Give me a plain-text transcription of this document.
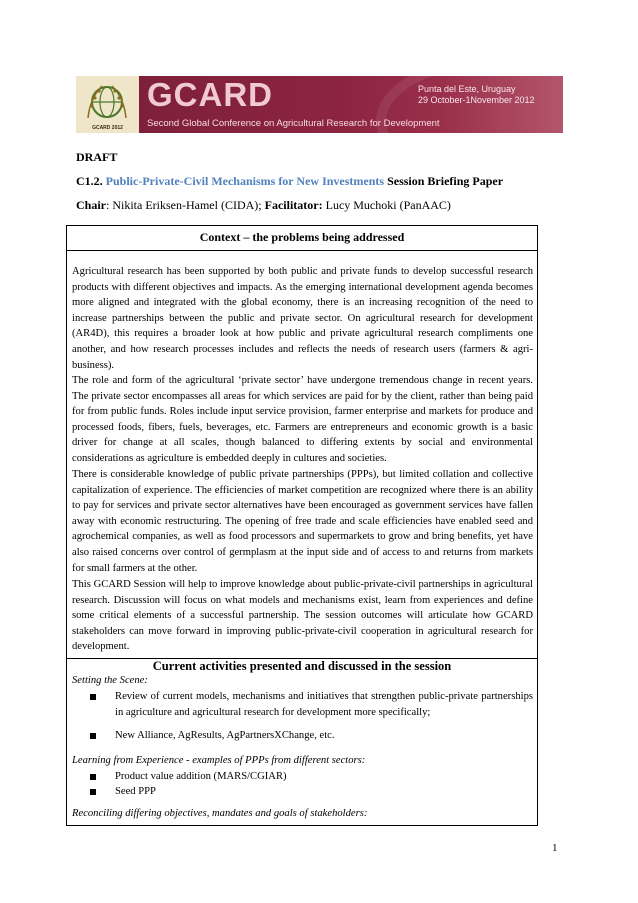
GCARD 2012
GCARD
Second Global Conference on Agricultural Research for Development
Punta del Este, Uruguay
29 October-1November 2012
DRAFT
C1.2. Public-Private-Civil Mechanisms for New Investments Session Briefing Paper
Chair: Nikita Eriksen-Hamel (CIDA); Facilitator: Lucy Muchoki (PanAAC)
Context – the problems being addressed
Agricultural research has been supported by both public and private funds to develop successful research products with different objectives and impacts. As the emerging international development agenda becomes more aligned and integrated with the global economy, there is an increasing recognition of the need to increase partnerships between the public and private sector. On agricultural research for development (AR4D), this requires a broader look at how public and private agricultural research compliments one another, and how research processes includes and reflects the needs of research users (farmers & agri-business).
The role and form of the agricultural ‘private sector’ have undergone tremendous change in recent years. The private sector encompasses all areas for which services are paid for by the client, rather than being paid for from public funds. Roles include input service provision, farmer enterprise and markets for produce and processed foods, fibers, fuels, beverages, etc. Farmers are entrepreneurs and economic growth is a basic driver for change at all scales, though balanced to differing extents by social and environmental considerations as agriculture is embedded deeply in cultures and societies.
There is considerable knowledge of public private partnerships (PPPs), but limited collation and collective capitalization of experience. The efficiencies of market competition are recognized where there is an ability to pay for services and private sector alternatives have been encouraged as government services have fallen away with economic restructuring. The opening of free trade and scale efficiencies have enabled seed and agrochemical companies, as well as food processors and supermarkets to grow and bring benefits, yet have also raised concerns over control of germplasm at the input side and of access to and returns from markets for small farmers at the other.
This GCARD Session will help to improve knowledge about public-private-civil partnerships in agricultural research. Discussion will focus on what models and mechanisms exist, learn from experiences and define some critical elements of a successful partnership. The session outcomes will articulate how GCARD stakeholders can move forward in improving public-private-civil cooperation in agricultural research for development.
Current activities presented and discussed in the session
Setting the Scene:
Review of current models, mechanisms and initiatives that strengthen public-private partnerships in agriculture and agricultural research for development more specifically;
New Alliance, AgResults, AgPartnersXChange, etc.
Learning from Experience - examples of PPPs from different sectors:
Product value addition (MARS/CGIAR)
Seed PPP
Reconciling differing objectives, mandates and goals of stakeholders:
1
